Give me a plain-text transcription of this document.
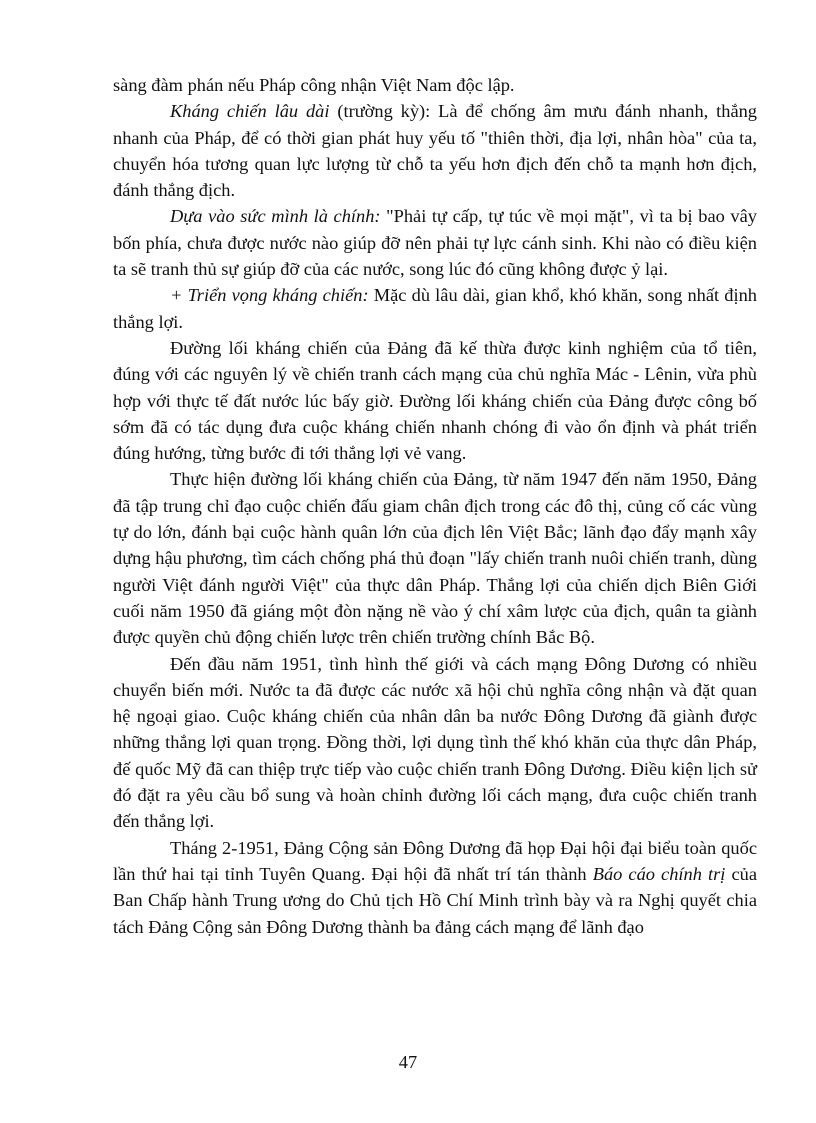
sàng đàm phán nếu Pháp công nhận Việt Nam độc lập.

Kháng chiến lâu dài (trường kỳ): Là để chống âm mưu đánh nhanh, thắng nhanh của Pháp, để có thời gian phát huy yếu tố "thiên thời, địa lợi, nhân hòa" của ta, chuyển hóa tương quan lực lượng từ chỗ ta yếu hơn địch đến chỗ ta mạnh hơn địch, đánh thắng địch.

Dựa vào sức mình là chính: "Phải tự cấp, tự túc về mọi mặt", vì ta bị bao vây bốn phía, chưa được nước nào giúp đỡ nên phải tự lực cánh sinh. Khi nào có điều kiện ta sẽ tranh thủ sự giúp đỡ của các nước, song lúc đó cũng không được ỷ lại.

+ Triển vọng kháng chiến: Mặc dù lâu dài, gian khổ, khó khăn, song nhất định thắng lợi.

Đường lối kháng chiến của Đảng đã kế thừa được kinh nghiệm của tổ tiên, đúng với các nguyên lý về chiến tranh cách mạng của chủ nghĩa Mác - Lênin, vừa phù hợp với thực tế đất nước lúc bấy giờ. Đường lối kháng chiến của Đảng được công bố sớm đã có tác dụng đưa cuộc kháng chiến nhanh chóng đi vào ổn định và phát triển đúng hướng, từng bước đi tới thắng lợi vẻ vang.

Thực hiện đường lối kháng chiến của Đảng, từ năm 1947 đến năm 1950, Đảng đã tập trung chỉ đạo cuộc chiến đấu giam chân địch trong các đô thị, củng cố các vùng tự do lớn, đánh bại cuộc hành quân lớn của địch lên Việt Bắc; lãnh đạo đẩy mạnh xây dựng hậu phương, tìm cách chống phá thủ đoạn "lấy chiến tranh nuôi chiến tranh, dùng người Việt đánh người Việt" của thực dân Pháp. Thắng lợi của chiến dịch Biên Giới cuối năm 1950 đã giáng một đòn nặng nề vào ý chí xâm lược của địch, quân ta giành được quyền chủ động chiến lược trên chiến trường chính Bắc Bộ.

Đến đầu năm 1951, tình hình thế giới và cách mạng Đông Dương có nhiều chuyển biến mới. Nước ta đã được các nước xã hội chủ nghĩa công nhận và đặt quan hệ ngoại giao. Cuộc kháng chiến của nhân dân ba nước Đông Dương đã giành được những thắng lợi quan trọng. Đồng thời, lợi dụng tình thế khó khăn của thực dân Pháp, đế quốc Mỹ đã can thiệp trực tiếp vào cuộc chiến tranh Đông Dương. Điều kiện lịch sử đó đặt ra yêu cầu bổ sung và hoàn chỉnh đường lối cách mạng, đưa cuộc chiến tranh đến thắng lợi.

Tháng 2-1951, Đảng Cộng sản Đông Dương đã họp Đại hội đại biểu toàn quốc lần thứ hai tại tỉnh Tuyên Quang. Đại hội đã nhất trí tán thành Báo cáo chính trị của Ban Chấp hành Trung ương do Chủ tịch Hồ Chí Minh trình bày và ra Nghị quyết chia tách Đảng Cộng sản Đông Dương thành ba đảng cách mạng để lãnh đạo

47
